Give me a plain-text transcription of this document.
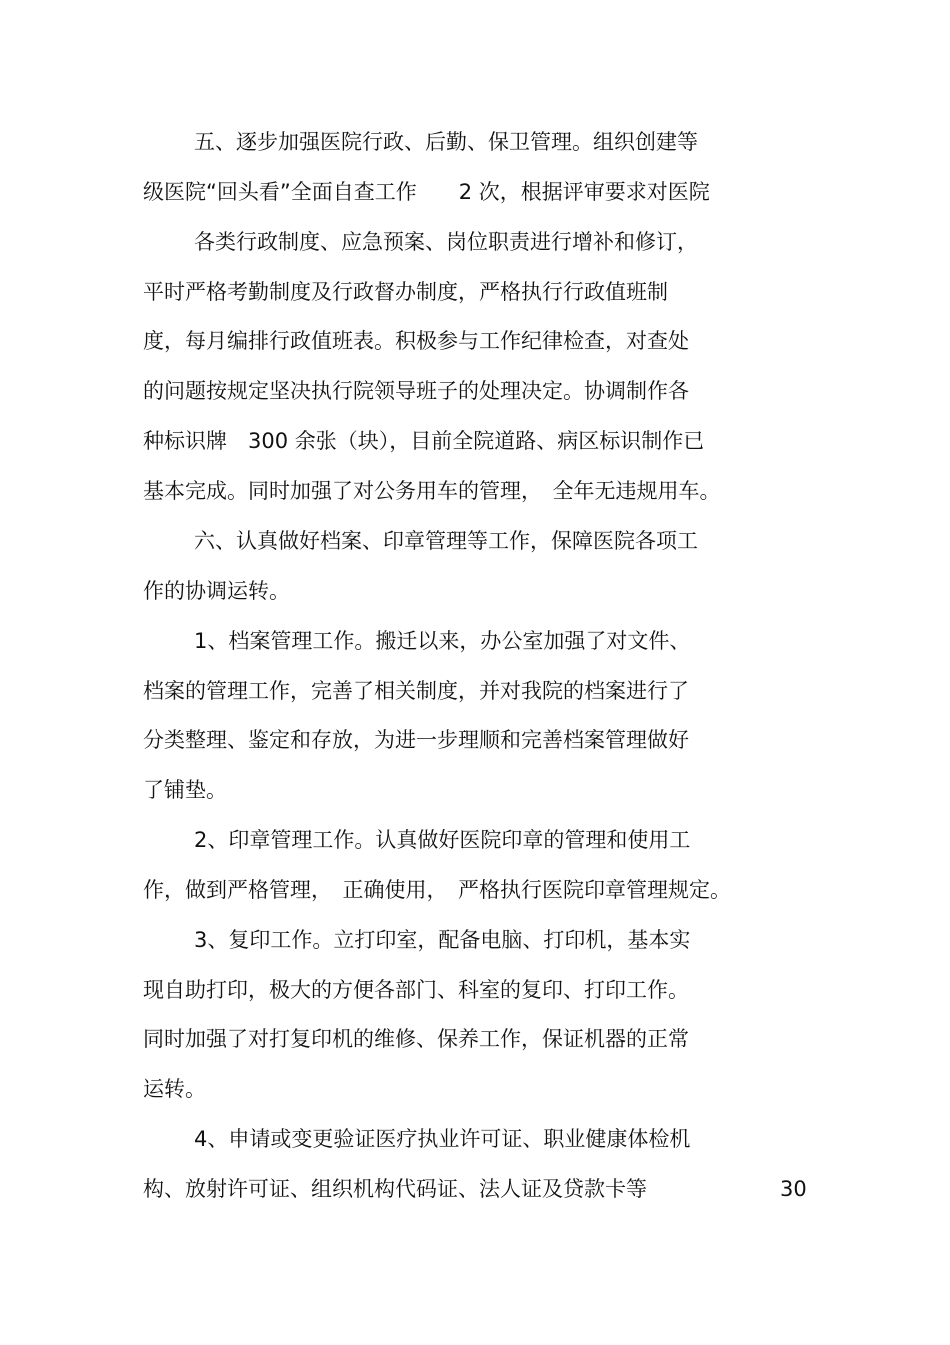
五、逐步加强医院行政、后勤、保卫管理。组织创建等
级医院“回头看”全面自查工作　　2 次，根据评审要求对医院
各类行政制度、应急预案、岗位职责进行增补和修订，
平时严格考勤制度及行政督办制度，严格执行行政值班制
度，每月编排行政值班表。积极参与工作纪律检查，对查处
的问题按规定坚决执行院领导班子的处理决定。协调制作各
种标识牌　300 余张（块），目前全院道路、病区标识制作已
基本完成。同时加强了对公务用车的管理，　全年无违规用车。
六、认真做好档案、印章管理等工作，保障医院各项工
作的协调运转。
1、档案管理工作。搬迁以来，办公室加强了对文件、
档案的管理工作，完善了相关制度，并对我院的档案进行了
分类整理、鉴定和存放，为进一步理顺和完善档案管理做好
了铺垫。
2、印章管理工作。认真做好医院印章的管理和使用工
作，做到严格管理，　正确使用，　严格执行医院印章管理规定。
3、复印工作。立打印室，配备电脑、打印机，基本实
现自助打印，极大的方便各部门、科室的复印、打印工作。
同时加强了对打复印机的维修、保养工作，保证机器的正常
运转。
4、申请或变更验证医疗执业许可证、职业健康体检机
构、放射许可证、组织机构代码证、法人证及贷款卡等	30
